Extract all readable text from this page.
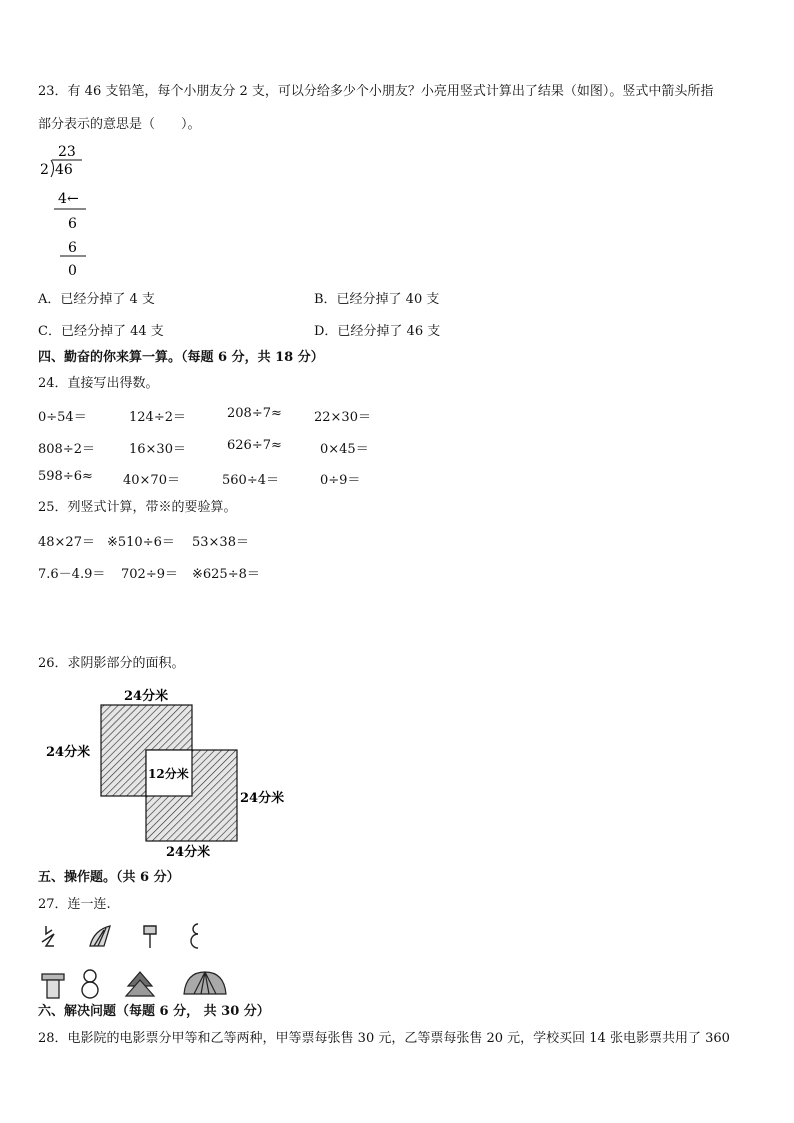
23．有 46 支铅笔，每个小朋友分 2 支，可以分给多少个小朋友？小亮用竖式计算出了结果（如图）。竖式中箭头所指
部分表示的意思是（　　）。
23
2 46
4 ←
6
6
0
A．已经分掉了 4 支	B．已经分掉了 40 支
C．已经分掉了 44 支	D．已经分掉了 46 支
四、勤奋的你来算一算。（每题 6 分，共 18 分）
24．直接写出得数。
0÷54＝	124÷2＝	208÷7≈ 22×30＝
808÷2＝	16×30＝	626÷7≈	0×45＝
598÷6≈ 40×70＝	560÷4＝	0÷9＝
25．列竖式计算，带※的要验算。
48×27＝ ※510÷6＝ 53×38＝
7.6－4.9＝ 702÷9＝ ※625÷8＝
26．求阴影部分的面积。
24分米
24分米
12分米
24分米
24分米
五、操作题。（共 6 分）
27．连一连.
六、解决问题（每题 6 分， 共 30 分）
28．电影院的电影票分甲等和乙等两种，甲等票每张售 30 元，乙等票每张售 20 元，学校买回 14 张电影票共用了 360
